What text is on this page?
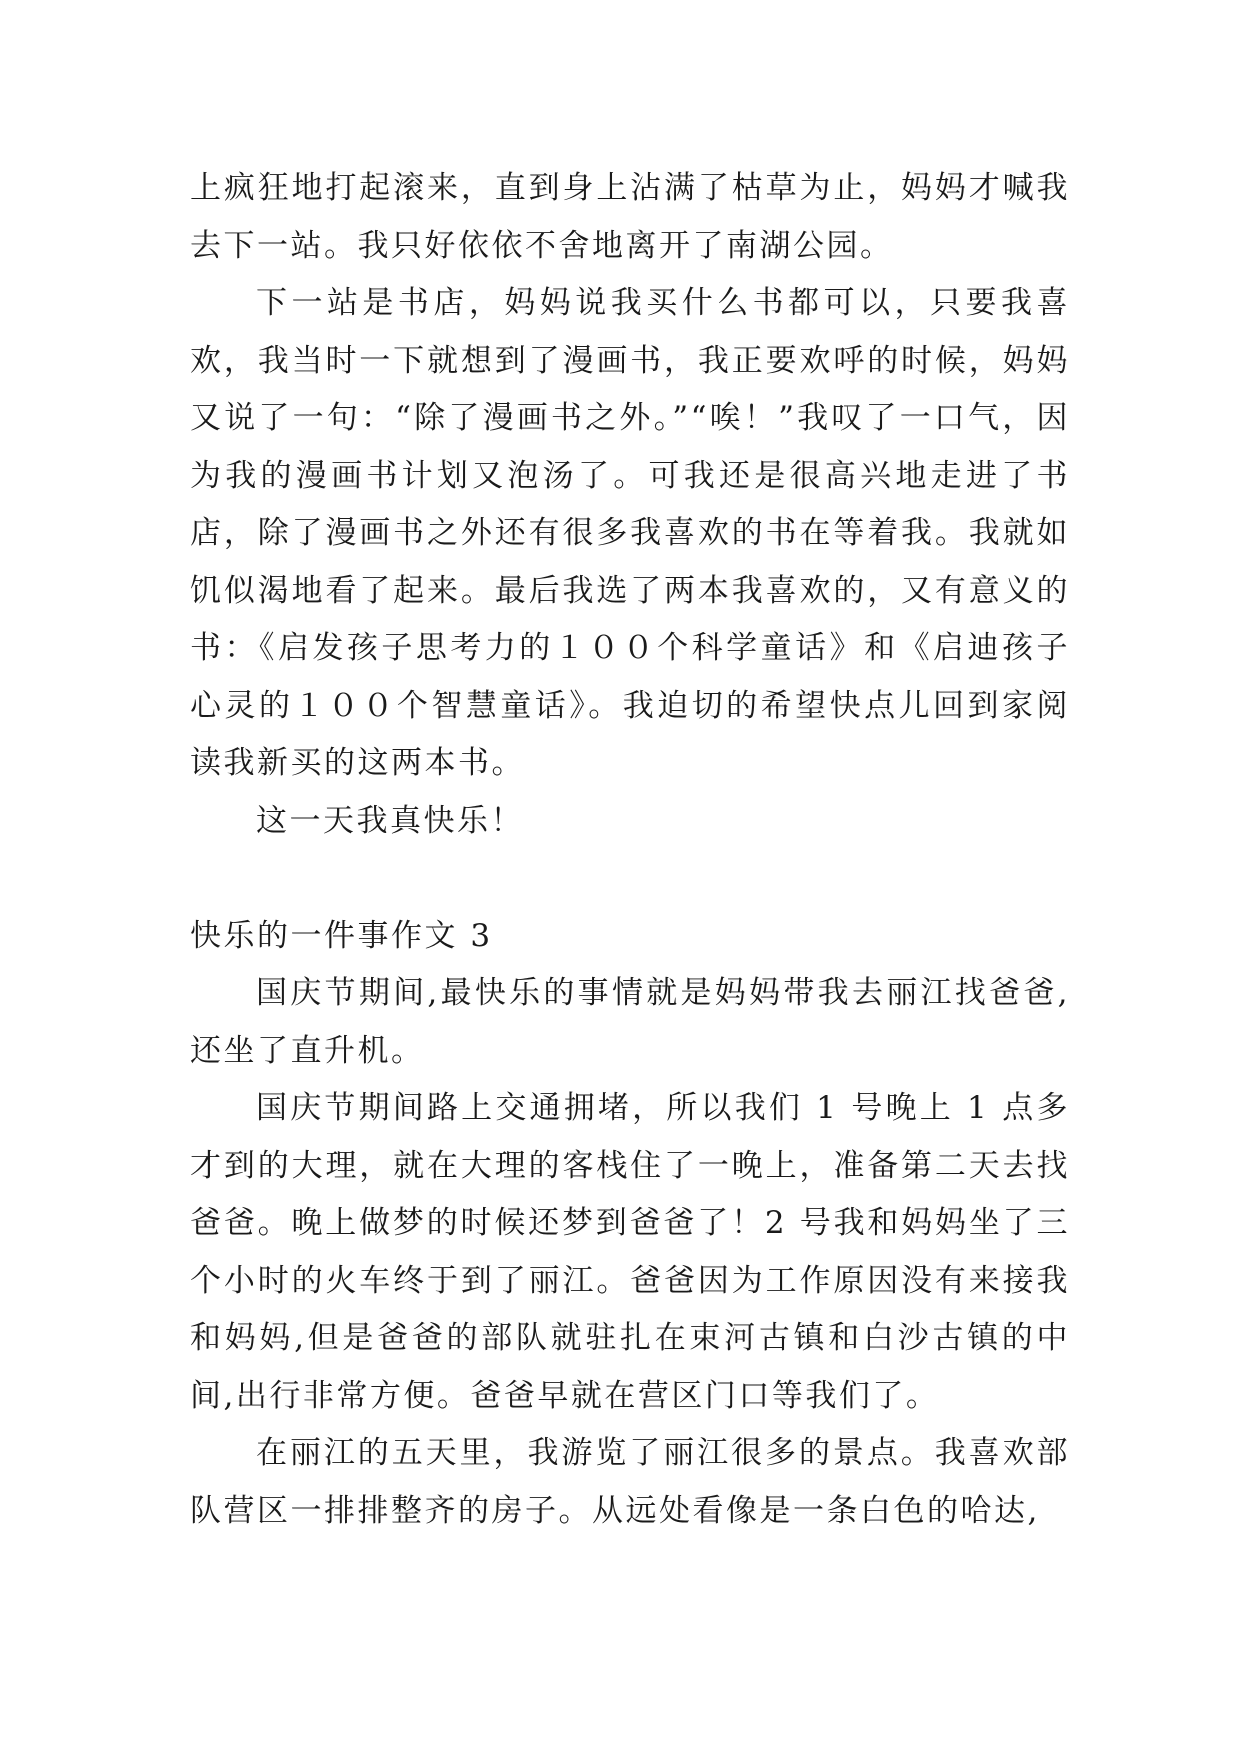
上疯狂地打起滚来，直到身上沾满了枯草为止，妈妈才喊我去下一站。我只好依依不舍地离开了南湖公园。

下一站是书店，妈妈说我买什么书都可以，只要我喜欢，我当时一下就想到了漫画书，我正要欢呼的时候，妈妈又说了一句：“除了漫画书之外。”“唉！”我叹了一口气，因为我的漫画书计划又泡汤了。可我还是很高兴地走进了书店，除了漫画书之外还有很多我喜欢的书在等着我。我就如饥似渴地看了起来。最后我选了两本我喜欢的，又有意义的书：《启发孩子思考力的１００个科学童话》和《启迪孩子心灵的１００个智慧童话》。我迫切的希望快点儿回到家阅读我新买的这两本书。

这一天我真快乐！

快乐的一件事作文 3

国庆节期间,最快乐的事情就是妈妈带我去丽江找爸爸,还坐了直升机。

国庆节期间路上交通拥堵，所以我们 1 号晚上 1 点多才到的大理，就在大理的客栈住了一晚上，准备第二天去找爸爸。晚上做梦的时候还梦到爸爸了！2 号我和妈妈坐了三个小时的火车终于到了丽江。爸爸因为工作原因没有来接我和妈妈,但是爸爸的部队就驻扎在束河古镇和白沙古镇的中间,出行非常方便。爸爸早就在营区门口等我们了。

在丽江的五天里，我游览了丽江很多的景点。我喜欢部队营区一排排整齐的房子。从远处看像是一条白色的哈达,
